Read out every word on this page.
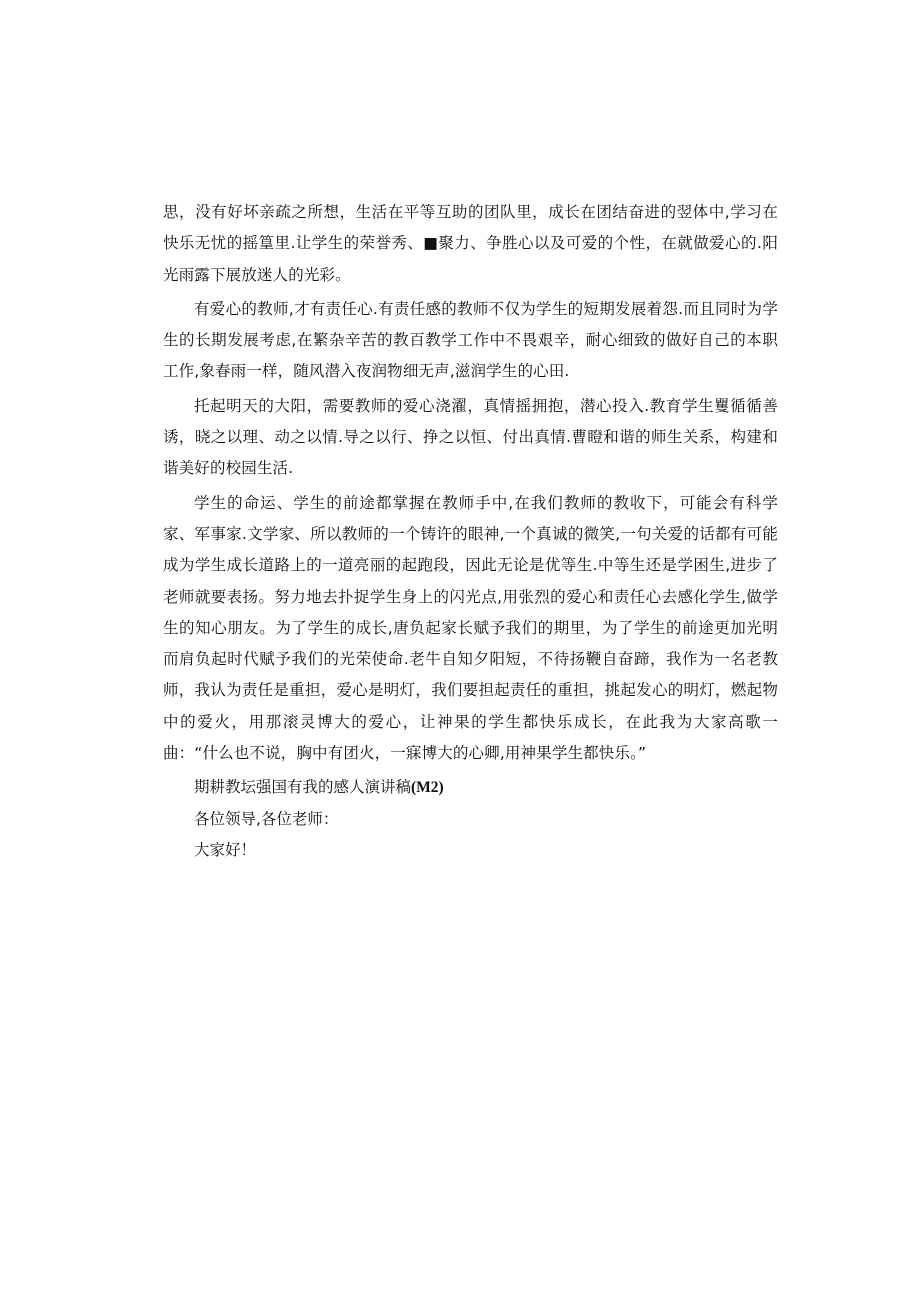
思，没有好坏亲疏之所想，生活在平等互助的团队里，成长在团结奋进的翌体中,学习在快乐无忧的摇篁里.让学生的荣誉秀、■聚力、争胜心以及可爱的个性，在就做爱心的.阳光雨露下展放迷人的光彩。

有爱心的教师,才有责任心.有责任感的教师不仅为学生的短期发展着怨.而且同时为学生的长期发展考虑,在繁杂辛苦的教百教学工作中不畏艰辛，耐心细致的做好自己的本职工作,象春雨一样，随风潜入夜润物细无声,滋润学生的心田.

托起明天的大阳，需要教师的爱心浇濯，真情摇拥抱，潜心投入.教育学生矍循循善诱，晓之以理、动之以情.导之以行、挣之以恒、付出真情.曹瞪和谐的师生关系，构建和谐美好的校园生活.

学生的命运、学生的前途都掌握在教师手中,在我们教师的教收下，可能会有科学家、军事家.文学家、所以教师的一个铸许的眼神,一个真诚的微笑,一句关爱的话都有可能成为学生成长道路上的一道亮丽的起跑段，因此无论是优等生.中等生还是学困生,进步了老师就要表扬。努力地去扑捉学生身上的闪光点,用张烈的爱心和责任心去感化学生,做学生的知心朋友。为了学生的成长,唐负起家长赋予我们的期里，为了学生的前途更加光明而肩负起时代赋予我们的光荣使命.老牛自知夕阳短，不待扬鞭自奋蹄，我作为一名老教师，我认为责任是重担，爱心是明灯，我们要担起责任的重担，挑起发心的明灯，燃起物中的爱火，用那滚灵博大的爱心，让神果的学生都快乐成长，在此我为大家高歌一曲：“什么也不说，胸中有团火，一寐博大的心卿,用神果学生都快乐。”

期耕教坛强国有我的感人演讲稿(M2)

各位领导,各位老师：

大家好！
